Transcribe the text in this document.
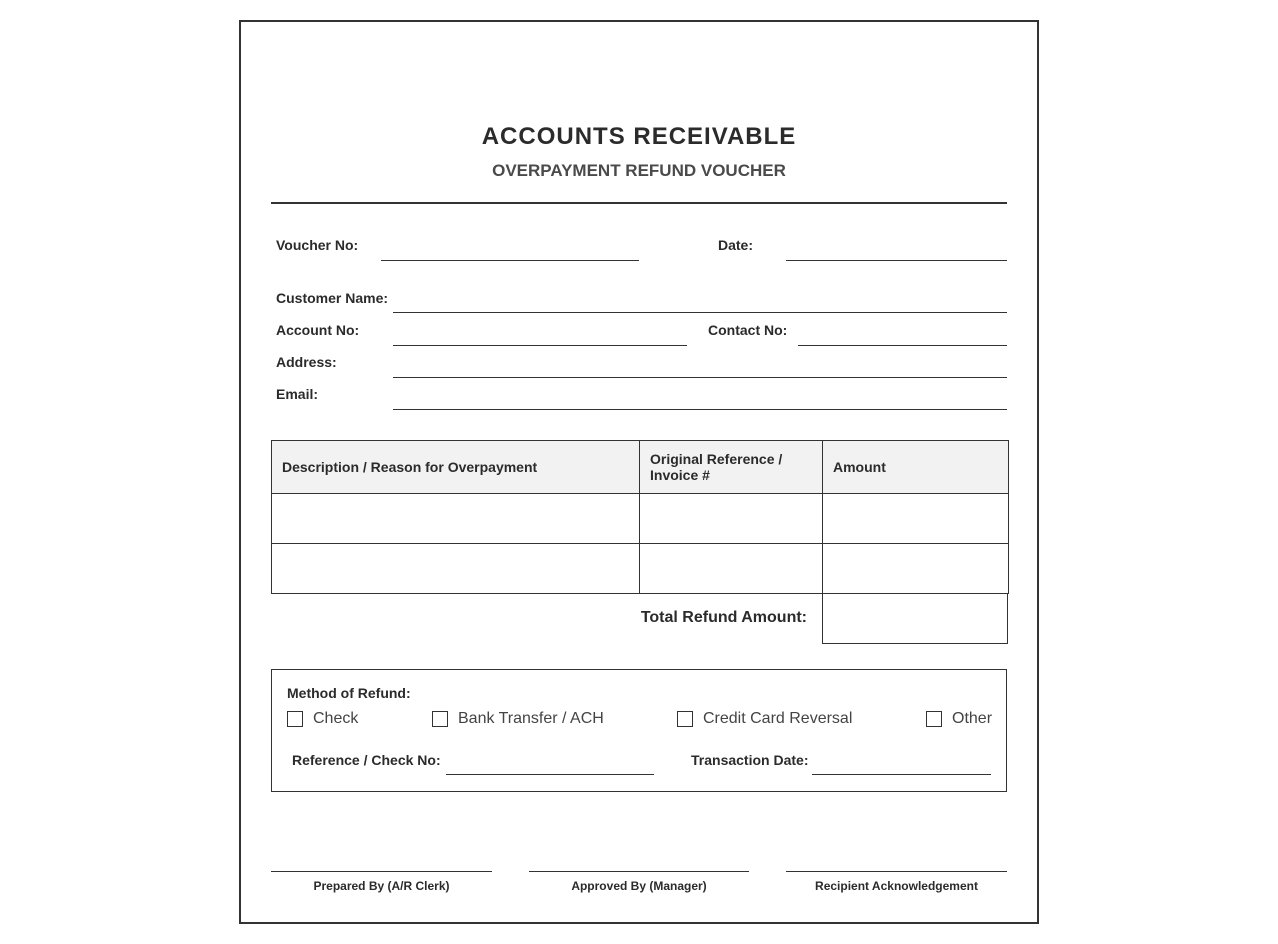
ACCOUNTS RECEIVABLE
OVERPAYMENT REFUND VOUCHER
Voucher No:	Date:
Customer Name:
Account No:	Contact No:
Address:
Email:
Description / Reason for Overpayment	Original Reference / Invoice #	Amount

Total Refund Amount:
Method of Refund:
Check	Bank Transfer / ACH	Credit Card Reversal	Other
Reference / Check No:	Transaction Date:
Prepared By (A/R Clerk)	Approved By (Manager)	Recipient Acknowledgement
